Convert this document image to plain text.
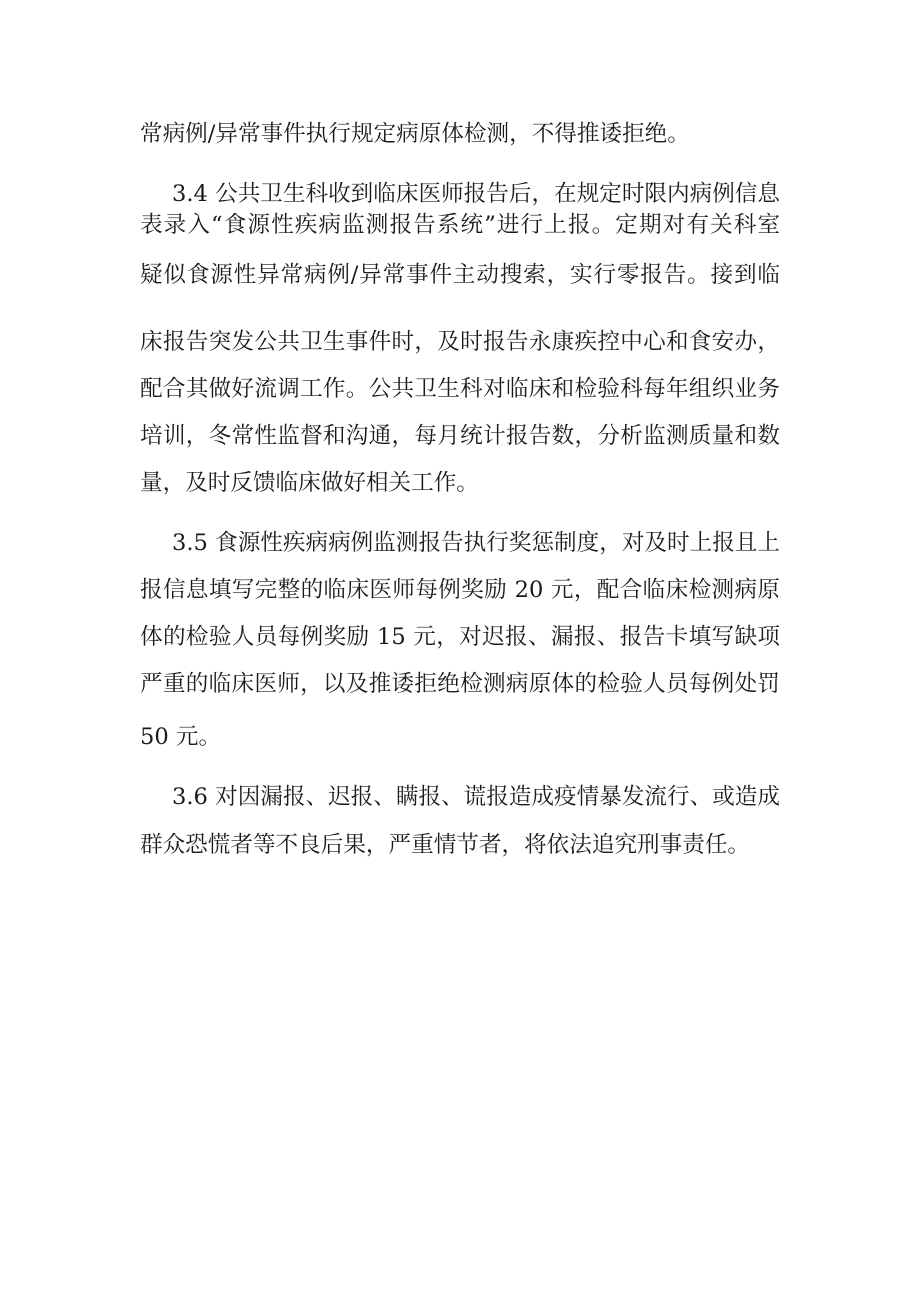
常病例/异常事件执行规定病原体检测，不得推诿拒绝。
3.4 公共卫生科收到临床医师报告后，在规定时限内病例信息
表录入“食源性疾病监测报告系统”进行上报。定期对有关科室
疑似食源性异常病例/异常事件主动搜索，实行零报告。接到临
床报告突发公共卫生事件时，及时报告永康疾控中心和食安办，
配合其做好流调工作。公共卫生科对临床和检验科每年组织业务
培训，冬常性监督和沟通，每月统计报告数，分析监测质量和数
量，及时反馈临床做好相关工作。
3.5 食源性疾病病例监测报告执行奖惩制度，对及时上报且上
报信息填写完整的临床医师每例奖励 20 元，配合临床检测病原
体的检验人员每例奖励 15 元，对迟报、漏报、报告卡填写缺项
严重的临床医师，以及推诿拒绝检测病原体的检验人员每例处罚
50 元。
3.6 对因漏报、迟报、瞒报、谎报造成疫情暴发流行、或造成
群众恐慌者等不良后果，严重情节者，将依法追究刑事责任。
